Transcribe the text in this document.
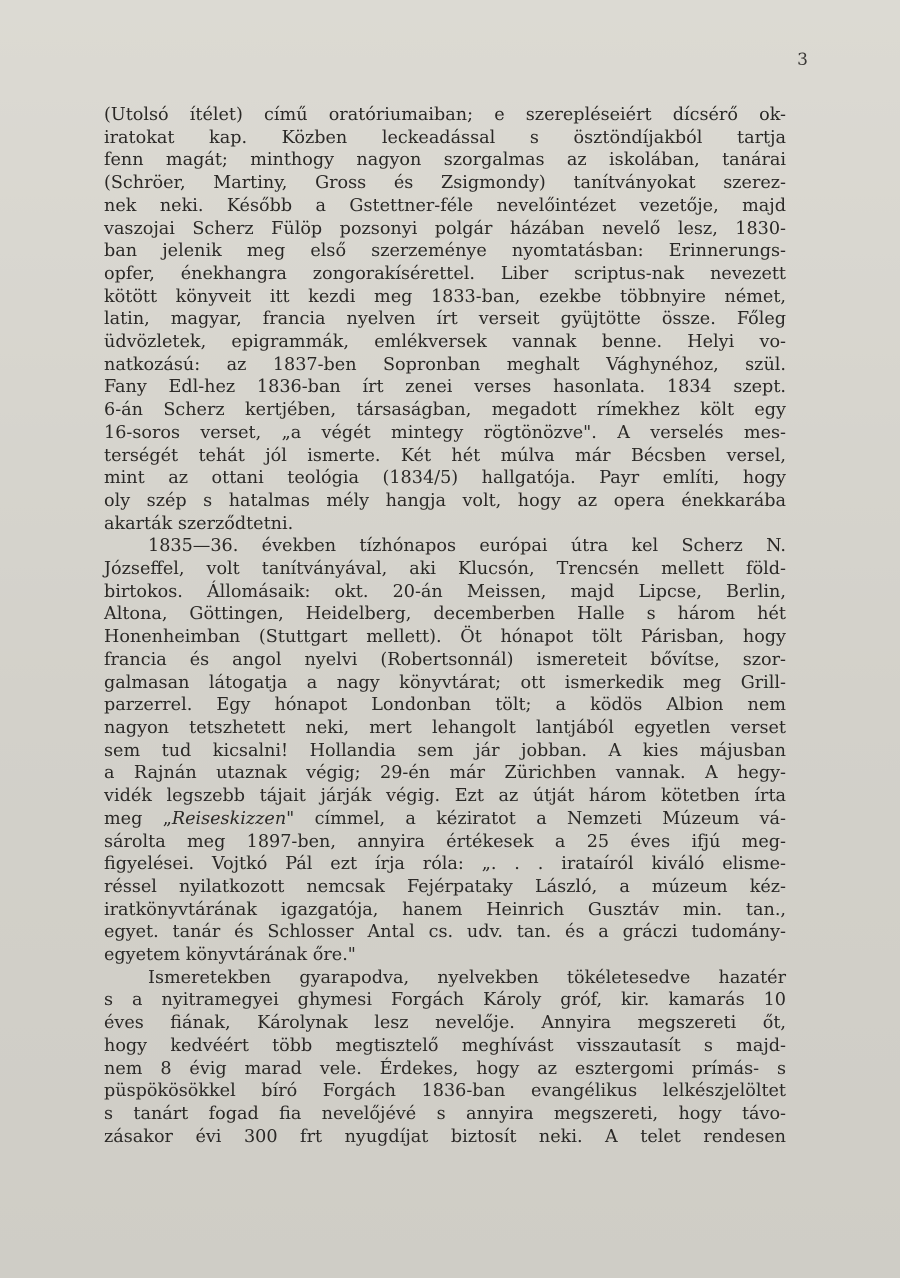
3
(Utolsó ítélet) című oratóriumaiban; e szerepléseiért dícsérő ok-
iratokat kap. Közben leckeadással s ösztöndíjakból tartja
fenn magát; minthogy nagyon szorgalmas az iskolában, tanárai
(Schröer, Martiny, Gross és Zsigmondy) tanítványokat szerez-
nek neki. Később a Gstettner-féle nevelőintézet vezetője, majd
vaszojai Scherz Fülöp pozsonyi polgár házában nevelő lesz, 1830-
ban jelenik meg első szerzeménye nyomtatásban: Erinnerungs-
opfer, énekhangra zongorakísérettel. Liber scriptus-nak nevezett
kötött könyveit itt kezdi meg 1833-ban, ezekbe többnyire német,
latin, magyar, francia nyelven írt verseit gyüjtötte össze. Főleg
üdvözletek, epigrammák, emlékversek vannak benne. Helyi vo-
natkozású: az 1837-ben Sopronban meghalt Vághynéhoz, szül.
Fany Edl-hez 1836-ban írt zenei verses hasonlata. 1834 szept.
6-án Scherz kertjében, társaságban, megadott rímekhez költ egy
16-soros verset, „a végét mintegy rögtönözve". A verselés mes-
terségét tehát jól ismerte. Két hét múlva már Bécsben versel,
mint az ottani teológia (1834/5) hallgatója. Payr említi, hogy
oly szép s hatalmas mély hangja volt, hogy az opera énekkarába
akarták szerződtetni.
1835—36. években tízhónapos európai útra kel Scherz N.
Józseffel, volt tanítványával, aki Klucsón, Trencsén mellett föld-
birtokos. Állomásaik: okt. 20-án Meissen, majd Lipcse, Berlin,
Altona, Göttingen, Heidelberg, decemberben Halle s három hét
Honenheimban (Stuttgart mellett). Öt hónapot tölt Párisban, hogy
francia és angol nyelvi (Robertsonnál) ismereteit bővítse, szor-
galmasan látogatja a nagy könyvtárat; ott ismerkedik meg Grill-
parzerrel. Egy hónapot Londonban tölt; a ködös Albion nem
nagyon tetszhetett neki, mert lehangolt lantjából egyetlen verset
sem tud kicsalni! Hollandia sem jár jobban. A kies májusban
a Rajnán utaznak végig; 29-én már Zürichben vannak. A hegy-
vidék legszebb tájait járják végig. Ezt az útját három kötetben írta
meg „Reiseskizzen" címmel, a kéziratot a Nemzeti Múzeum vá-
sárolta meg 1897-ben, annyira értékesek a 25 éves ifjú meg-
figyelései. Vojtkó Pál ezt írja róla: „. . . irataíról kiváló elisme-
réssel nyilatkozott nemcsak Fejérpataky László, a múzeum kéz-
iratkönyvtárának igazgatója, hanem Heinrich Gusztáv min. tan.,
egyet. tanár és Schlosser Antal cs. udv. tan. és a gráczi tudomány-
egyetem könyvtárának őre."
Ismeretekben gyarapodva, nyelvekben tökéletesedve hazatér
s a nyitramegyei ghymesi Forgách Károly gróf, kir. kamarás 10
éves fiának, Károlynak lesz nevelője. Annyira megszereti őt,
hogy kedvéért több megtisztelő meghívást visszautasít s majd-
nem 8 évig marad vele. Érdekes, hogy az esztergomi prímás- s
püspökösökkel bíró Forgách 1836-ban evangélikus lelkészjelöltet
s tanárt fogad fia nevelőjévé s annyira megszereti, hogy távo-
zásakor évi 300 frt nyugdíjat biztosít neki. A telet rendesen
